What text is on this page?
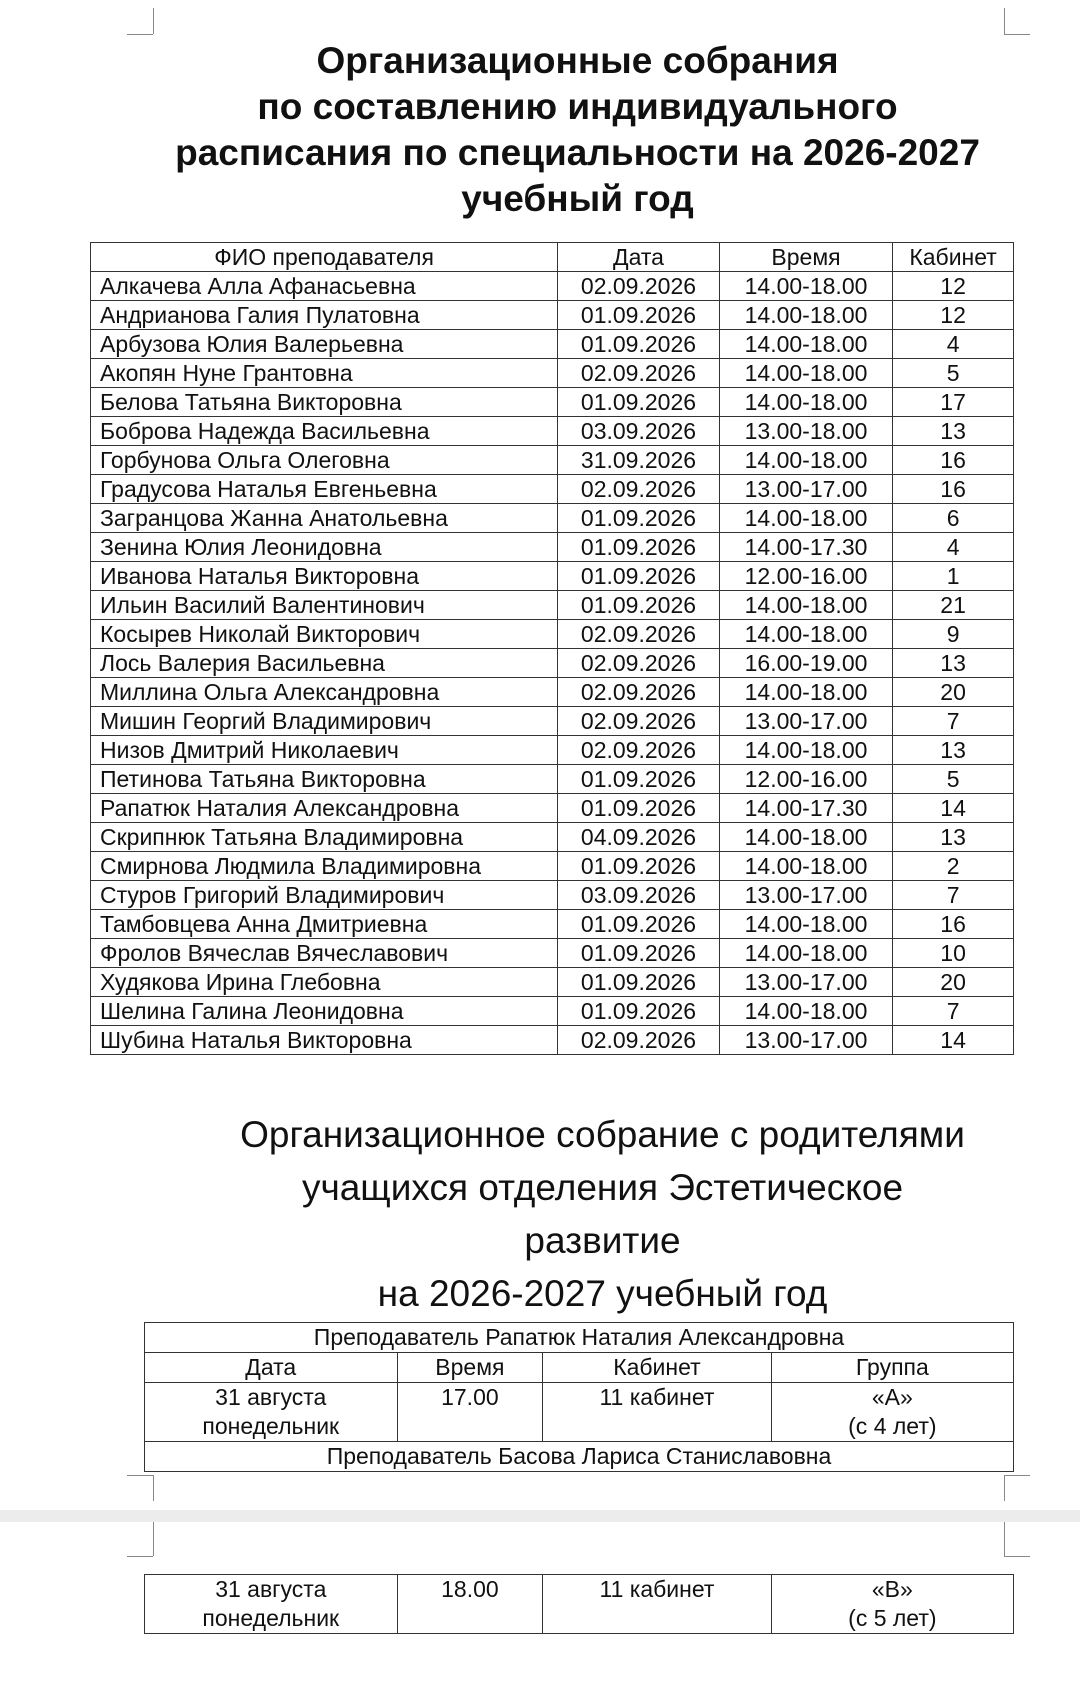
Организационные собрания
по составлению индивидуального
расписания по специальности на 2026-2027
учебный год
ФИО преподавателя	Дата	Время	Кабинет
Алкачева Алла Афанасьевна	02.09.2026	14.00-18.00	12
Андрианова Галия Пулатовна	01.09.2026	14.00-18.00	12
Арбузова Юлия Валерьевна	01.09.2026	14.00-18.00	4
Акопян Нуне Грантовна	02.09.2026	14.00-18.00	5
Белова Татьяна Викторовна	01.09.2026	14.00-18.00	17
Боброва Надежда Васильевна	03.09.2026	13.00-18.00	13
Горбунова Ольга Олеговна	31.09.2026	14.00-18.00	16
Градусова Наталья Евгеньевна	02.09.2026	13.00-17.00	16
Загранцова Жанна Анатольевна	01.09.2026	14.00-18.00	6
Зенина Юлия Леонидовна	01.09.2026	14.00-17.30	4
Иванова Наталья Викторовна	01.09.2026	12.00-16.00	1
Ильин Василий Валентинович	01.09.2026	14.00-18.00	21
Косырев Николай Викторович	02.09.2026	14.00-18.00	9
Лось Валерия Васильевна	02.09.2026	16.00-19.00	13
Миллина Ольга Александровна	02.09.2026	14.00-18.00	20
Мишин Георгий Владимирович	02.09.2026	13.00-17.00	7
Низов Дмитрий Николаевич	02.09.2026	14.00-18.00	13
Петинова Татьяна Викторовна	01.09.2026	12.00-16.00	5
Рапатюк Наталия Александровна	01.09.2026	14.00-17.30	14
Скрипнюк Татьяна Владимировна	04.09.2026	14.00-18.00	13
Смирнова Людмила Владимировна	01.09.2026	14.00-18.00	2
Стуров Григорий Владимирович	03.09.2026	13.00-17.00	7
Тамбовцева Анна Дмитриевна	01.09.2026	14.00-18.00	16
Фролов Вячеслав Вячеславович	01.09.2026	14.00-18.00	10
Худякова Ирина Глебовна	01.09.2026	13.00-17.00	20
Шелина Галина Леонидовна	01.09.2026	14.00-18.00	7
Шубина Наталья Викторовна	02.09.2026	13.00-17.00	14
Организационное собрание с родителями
учащихся отделения Эстетическое
развитие
на 2026-2027 учебный год
Преподаватель Рапатюк Наталия Александровна			
Дата	Время	Кабинет	Группа
31 августа
понедельник	17.00	11 кабинет	«А»
(с 4 лет)
Преподаватель Басова Лариса Станиславовна			
31 августа
понедельник	18.00	11 кабинет	«В»
(с 5 лет)
